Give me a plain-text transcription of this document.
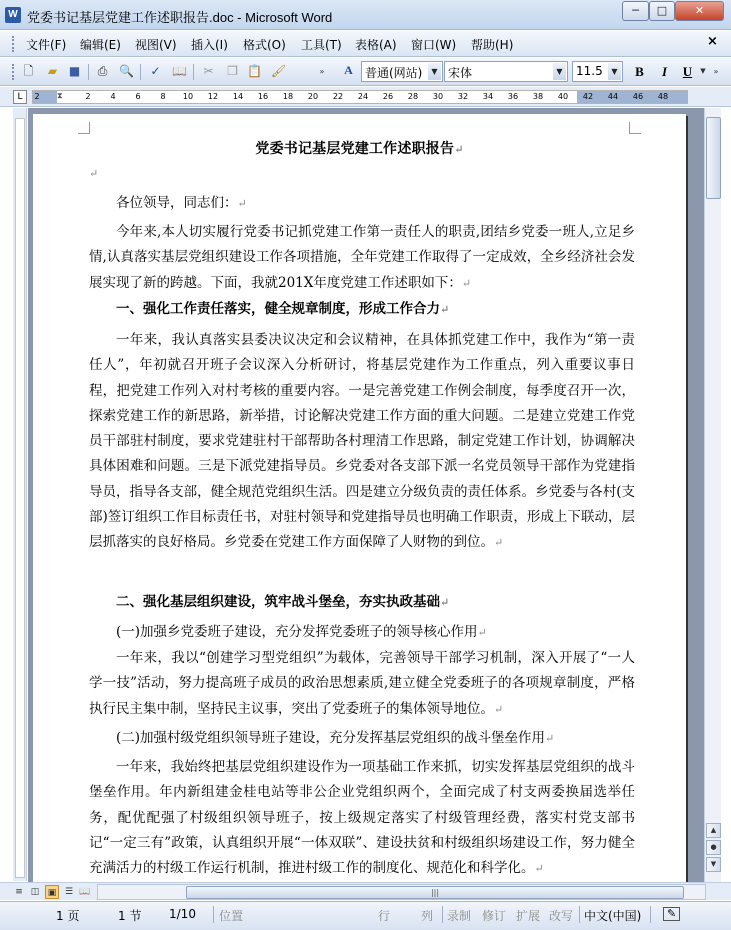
W 党委书记基层党建工作述职报告.doc - Microsoft Word	─	□	✕
文件(F) 编辑(E) 视图(V) 插入(I) 格式(O) 工具(T) 表格(A) 窗口(W) 帮助(H)	×
🗋	▰ ■	⎙ 🔍 ✓ 📖 ✂ ❐ 📋 🖌	»	A	普通(网站)	▼ 宋体	▼ 11.5	▼	B	I	U	▼ »
L	⧗
2	2 4 6 8 10 12 14 16 18 20 22 24 26 28 30 32 34 36 38 40 42 44 46 48
党委书记基层党建工作述职报告↵
↵
各位领导，同志们：↵
今年来,本人切实履行党委书记抓党建工作第一责任人的职责,团结乡党委一班人,立足乡情,认真落实基层党组织建设工作各项措施，全年党建工作取得了一定成效，全乡经济社会发展实现了新的跨越。下面，我就201X年度党建工作述职如下：↵
一、强化工作责任落实，健全规章制度，形成工作合力↵
一年来，我认真落实县委决议决定和会议精神，在具体抓党建工作中，我作为“第一责任人”，年初就召开班子会议深入分析研讨，将基层党建作为工作重点，列入重要议事日程，把党建工作列入对村考核的重要内容。一是完善党建工作例会制度，每季度召开一次，探索党建工作的新思路，新举措，讨论解决党建工作方面的重大问题。二是建立党建工作党员干部驻村制度，要求党建驻村干部帮助各村理清工作思路，制定党建工作计划，协调解决具体困难和问题。三是下派党建指导员。乡党委对各支部下派一名党员领导干部作为党建指导员，指导各支部，健全规范党组织生活。四是建立分级负责的责任体系。乡党委与各村(支部)签订组织工作目标责任书，对驻村领导和党建指导员也明确工作职责，形成上下联动，层层抓落实的良好格局。乡党委在党建工作方面保障了人财物的到位。↵
二、强化基层组织建设，筑牢战斗堡垒，夯实执政基础↵
(一)加强乡党委班子建设，充分发挥党委班子的领导核心作用↵
一年来，我以“创建学习型党组织”为载体，完善领导干部学习机制，深入开展了“一人学一技”活动，努力提高班子成员的政治思想素质,建立健全党委班子的各项规章制度，严格执行民主集中制，坚持民主议事，突出了党委班子的集体领导地位。↵
(二)加强村级党组织领导班子建设，充分发挥基层党组织的战斗堡垒作用↵
一年来，我始终把基层党组织建设作为一项基础工作来抓，切实发挥基层党组织的战斗堡垒作用。年内新组建金桂电站等非公企业党组织两个，全面完成了村支两委换届选举任务，配优配强了村级组织领导班子，按上级规定落实了村级管理经费，落实村党支部书记“一定三有”政策，认真组织开展“一体双联”、建设扶贫和村级组织场建设工作，努力健全充满活力的村级工作运行机制，推进村级工作的制度化、规范化和科学化。↵
▲
●
▼
≡ ◫ ▣ ☰ 📖	|||
1 页	1 节 1/10 位置	行	列 录制 修订 扩展 改写 中文(中国)	✎
